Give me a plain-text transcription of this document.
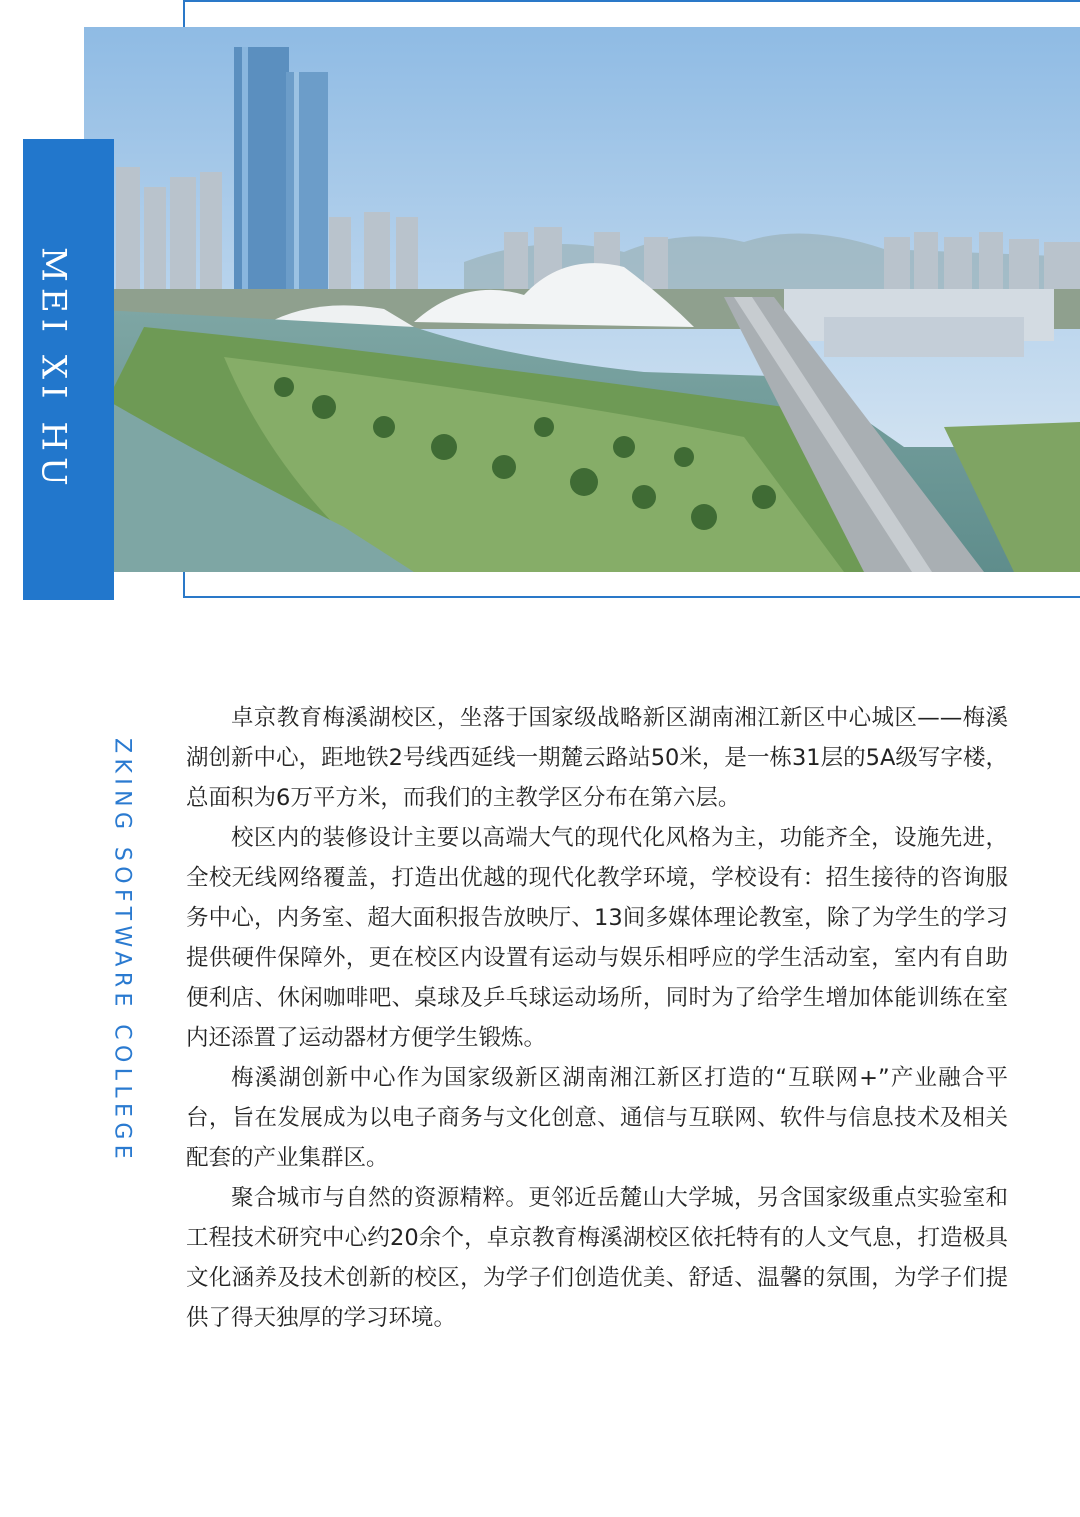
MEI XI HU
ZKING SOFTWARE COLLEGE

卓京教育梅溪湖校区，坐落于国家级战略新区湖南湘江新区中心城区——梅溪湖创新中心，距地铁2号线西延线一期麓云路站50米，是一栋31层的5A级写字楼，总面积为6万平方米，而我们的主教学区分布在第六层。

校区内的装修设计主要以高端大气的现代化风格为主，功能齐全，设施先进，全校无线网络覆盖，打造出优越的现代化教学环境，学校设有：招生接待的咨询服务中心，内务室、超大面积报告放映厅、13间多媒体理论教室，除了为学生的学习提供硬件保障外，更在校区内设置有运动与娱乐相呼应的学生活动室，室内有自助便利店、休闲咖啡吧、桌球及乒乓球运动场所，同时为了给学生增加体能训练在室内还添置了运动器材方便学生锻炼。

梅溪湖创新中心作为国家级新区湖南湘江新区打造的“互联网+”产业融合平台，旨在发展成为以电子商务与文化创意、通信与互联网、软件与信息技术及相关配套的产业集群区。

聚合城市与自然的资源精粹。更邻近岳麓山大学城，另含国家级重点实验室和工程技术研究中心约20余个，卓京教育梅溪湖校区依托特有的人文气息，打造极具文化涵养及技术创新的校区，为学子们创造优美、舒适、温馨的氛围，为学子们提供了得天独厚的学习环境。
